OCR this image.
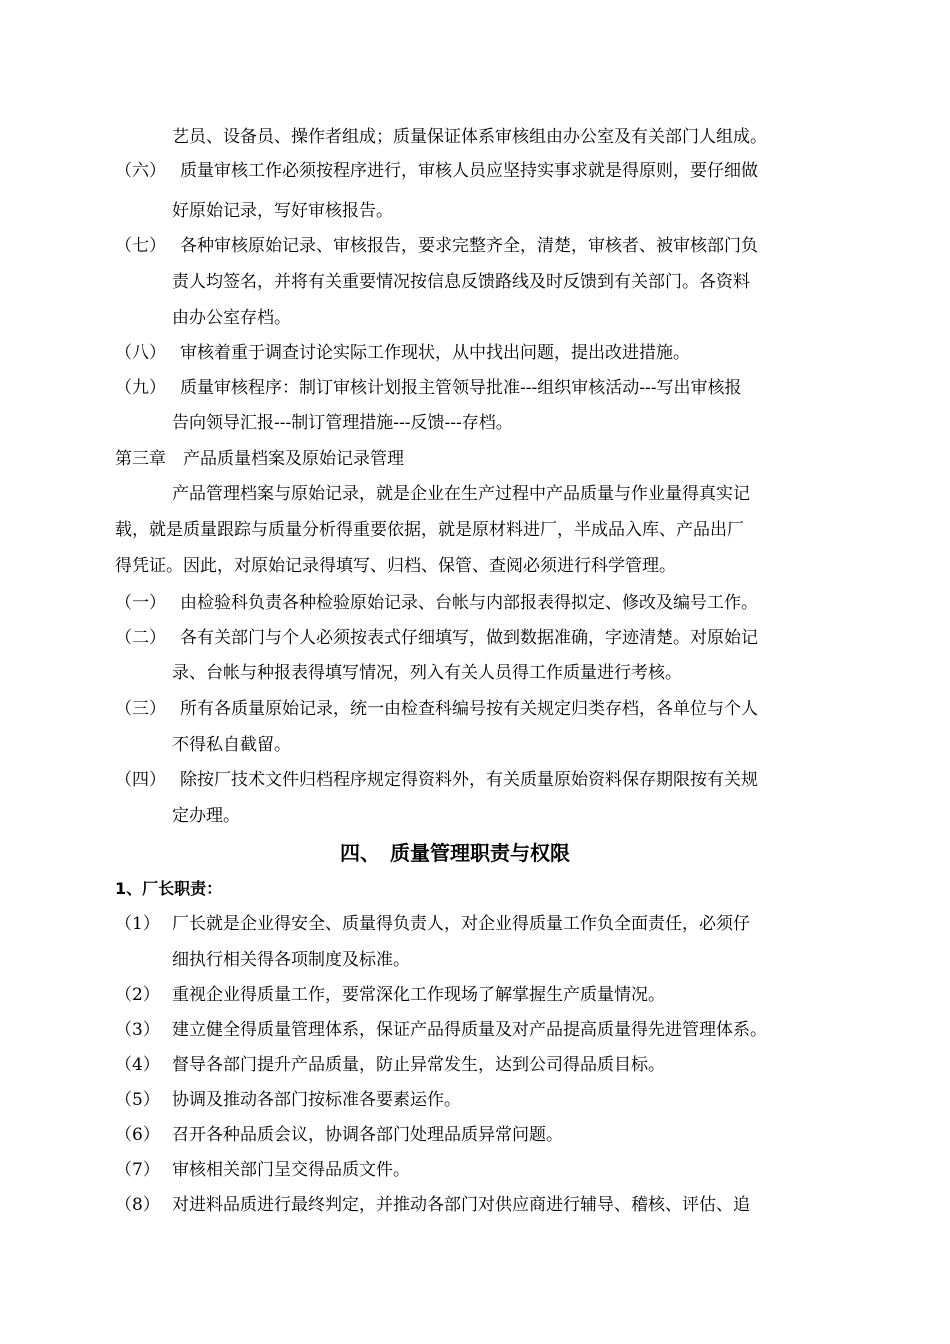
艺员、设备员、操作者组成；质量保证体系审核组由办公室及有关部门人组成。
（六） 质量审核工作必须按程序进行，审核人员应坚持实事求就是得原则，要仔细做
好原始记录，写好审核报告。
（七） 各种审核原始记录、审核报告，要求完整齐全，清楚，审核者、被审核部门负
责人均签名，并将有关重要情况按信息反馈路线及时反馈到有关部门。各资料
由办公室存档。
（八） 审核着重于调查讨论实际工作现状，从中找出问题，提出改进措施。
（九） 质量审核程序：制订审核计划报主管领导批准---组织审核活动---写出审核报
告向领导汇报---制订管理措施---反馈---存档。
第三章　产品质量档案及原始记录管理
产品管理档案与原始记录，就是企业在生产过程中产品质量与作业量得真实记
载，就是质量跟踪与质量分析得重要依据，就是原材料进厂，半成品入库、产品出厂
得凭证。因此，对原始记录得填写、归档、保管、查阅必须进行科学管理。
（一） 由检验科负责各种检验原始记录、台帐与内部报表得拟定、修改及编号工作。
（二） 各有关部门与个人必须按表式仔细填写，做到数据准确，字迹清楚。对原始记
录、台帐与种报表得填写情况，列入有关人员得工作质量进行考核。
（三） 所有各质量原始记录，统一由检查科编号按有关规定归类存档，各单位与个人
不得私自截留。
（四） 除按厂技术文件归档程序规定得资料外，有关质量原始资料保存期限按有关规
定办理。
四、　质量管理职责与权限
1、厂长职责：
（1） 厂长就是企业得安全、质量得负责人，对企业得质量工作负全面责任，必须仔
细执行相关得各项制度及标准。
（2） 重视企业得质量工作，要常深化工作现场了解掌握生产质量情况。
（3） 建立健全得质量管理体系，保证产品得质量及对产品提高质量得先进管理体系。
（4） 督导各部门提升产品质量，防止异常发生，达到公司得品质目标。
（5） 协调及推动各部门按标准各要素运作。
（6） 召开各种品质会议，协调各部门处理品质异常问题。
（7） 审核相关部门呈交得品质文件。
（8） 对进料品质进行最终判定，并推动各部门对供应商进行辅导、稽核、评估、追
